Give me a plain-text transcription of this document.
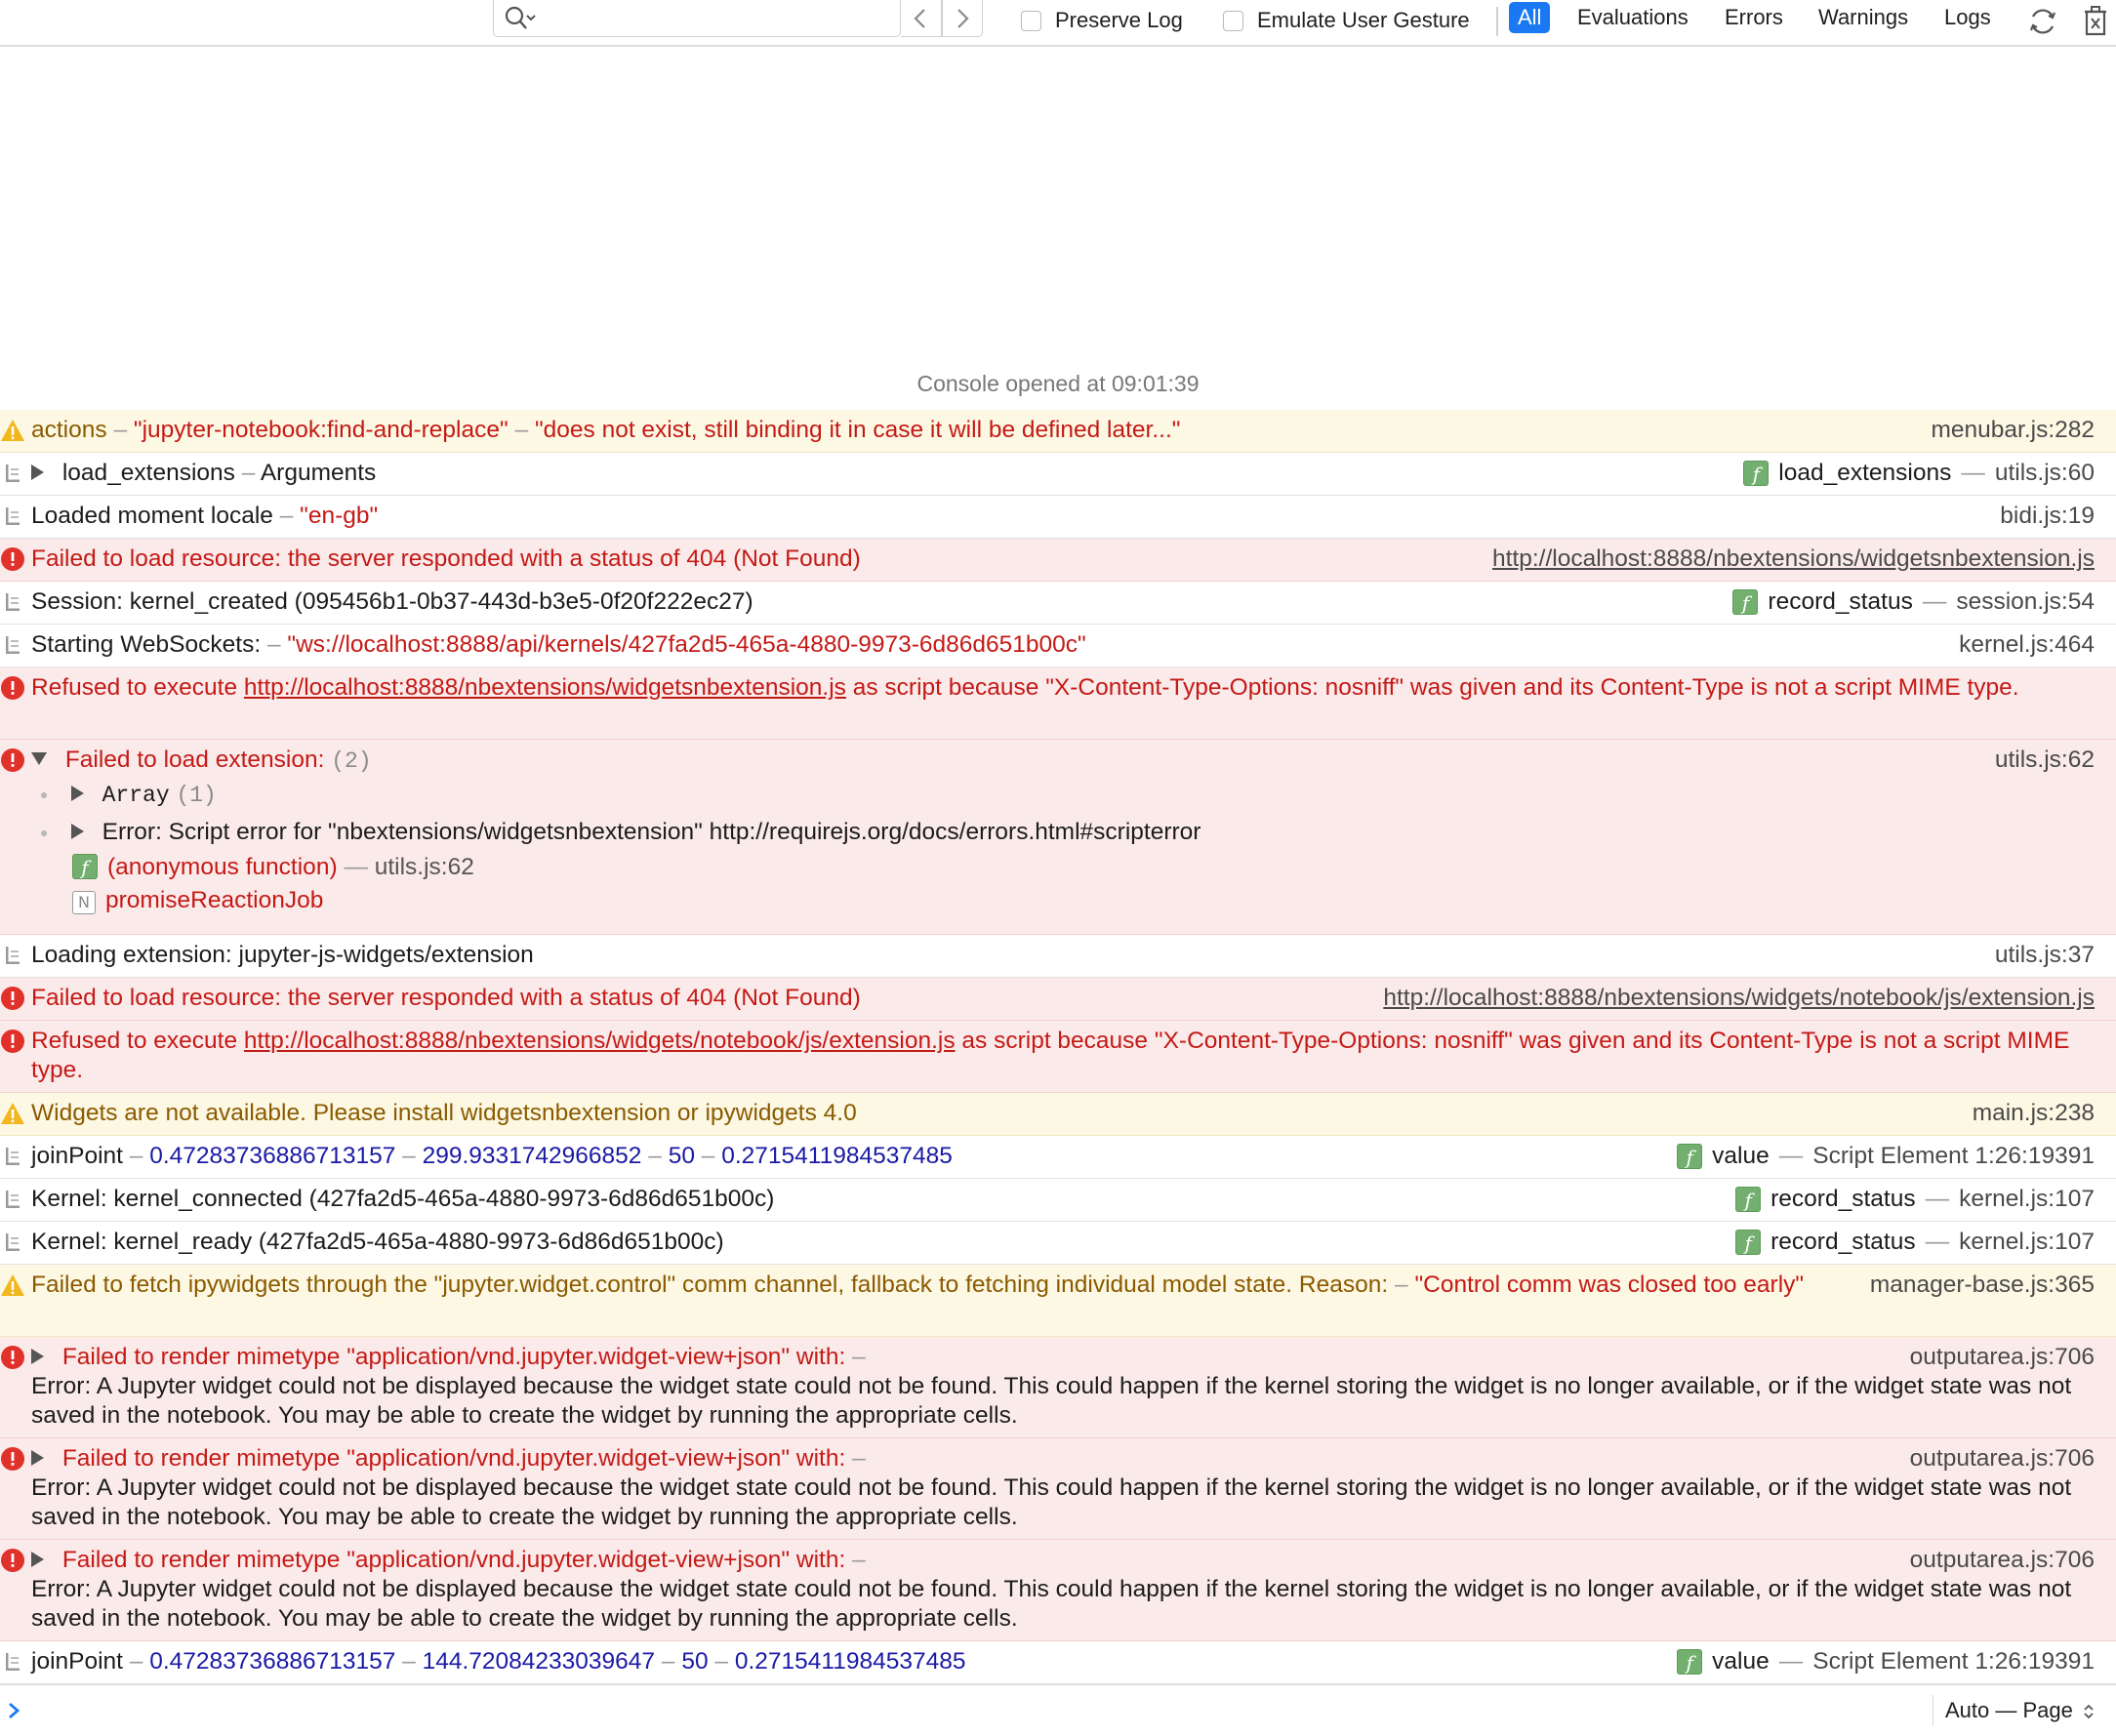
Preserve Log	Emulate User Gesture	All	Evaluations Errors Warnings Logs
Console opened at 09:01:39
actions – "jupyter-notebook:find-and-replace" – "does not exist, still binding it in case it will be defined later..."	menubar.js:282
load_extensions – Arguments	f load_extensions — utils.js:60
Loaded moment locale – "en-gb"	bidi.js:19
Failed to load resource: the server responded with a status of 404 (Not Found)	http://localhost:8888/nbextensions/widgetsnbextension.js
Session: kernel_created (095456b1-0b37-443d-b3e5-0f20f222ec27)	f record_status — session.js:54
Starting WebSockets: – "ws://localhost:8888/api/kernels/427fa2d5-465a-4880-9973-6d86d651b00c"	kernel.js:464
Refused to execute http://localhost:8888/nbextensions/widgetsnbextension.js as script because "X-Content-Type-Options: nosniff" was given and its Content-Type is not a script MIME type.
Failed to load extension: (2)	utils.js:62
Array (1)
Error: Script error for "nbextensions/widgetsnbextension" http://requirejs.org/docs/errors.html#scripterror
f (anonymous function) — utils.js:62
N promiseReactionJob
Loading extension: jupyter-js-widgets/extension	utils.js:37
Failed to load resource: the server responded with a status of 404 (Not Found)	http://localhost:8888/nbextensions/widgets/notebook/js/extension.js
Refused to execute http://localhost:8888/nbextensions/widgets/notebook/js/extension.js as script because "X-Content-Type-Options: nosniff" was given and its Content-Type is not a script MIME type.
Widgets are not available. Please install widgetsnbextension or ipywidgets 4.0	main.js:238
joinPoint – 0.47283736886713157 – 299.9331742966852 – 50 – 0.2715411984537485	f value — Script Element 1:26:19391
Kernel: kernel_connected (427fa2d5-465a-4880-9973-6d86d651b00c)	f record_status — kernel.js:107
Kernel: kernel_ready (427fa2d5-465a-4880-9973-6d86d651b00c)	f record_status — kernel.js:107
Failed to fetch ipywidgets through the "jupyter.widget.control" comm channel, fallback to fetching individual model state. Reason: – "Control comm was closed too early"	manager-base.js:365
Failed to render mimetype "application/vnd.jupyter.widget-view+json" with: –	outputarea.js:706
Error: A Jupyter widget could not be displayed because the widget state could not be found. This could happen if the kernel storing the widget is no longer available, or if the widget state was not saved in the notebook. You may be able to create the widget by running the appropriate cells.
Failed to render mimetype "application/vnd.jupyter.widget-view+json" with: –	outputarea.js:706
Error: A Jupyter widget could not be displayed because the widget state could not be found. This could happen if the kernel storing the widget is no longer available, or if the widget state was not saved in the notebook. You may be able to create the widget by running the appropriate cells.
Failed to render mimetype "application/vnd.jupyter.widget-view+json" with: –	outputarea.js:706
Error: A Jupyter widget could not be displayed because the widget state could not be found. This could happen if the kernel storing the widget is no longer available, or if the widget state was not saved in the notebook. You may be able to create the widget by running the appropriate cells.
joinPoint – 0.47283736886713157 – 144.72084233039647 – 50 – 0.2715411984537485	f value — Script Element 1:26:19391
Auto — Page
